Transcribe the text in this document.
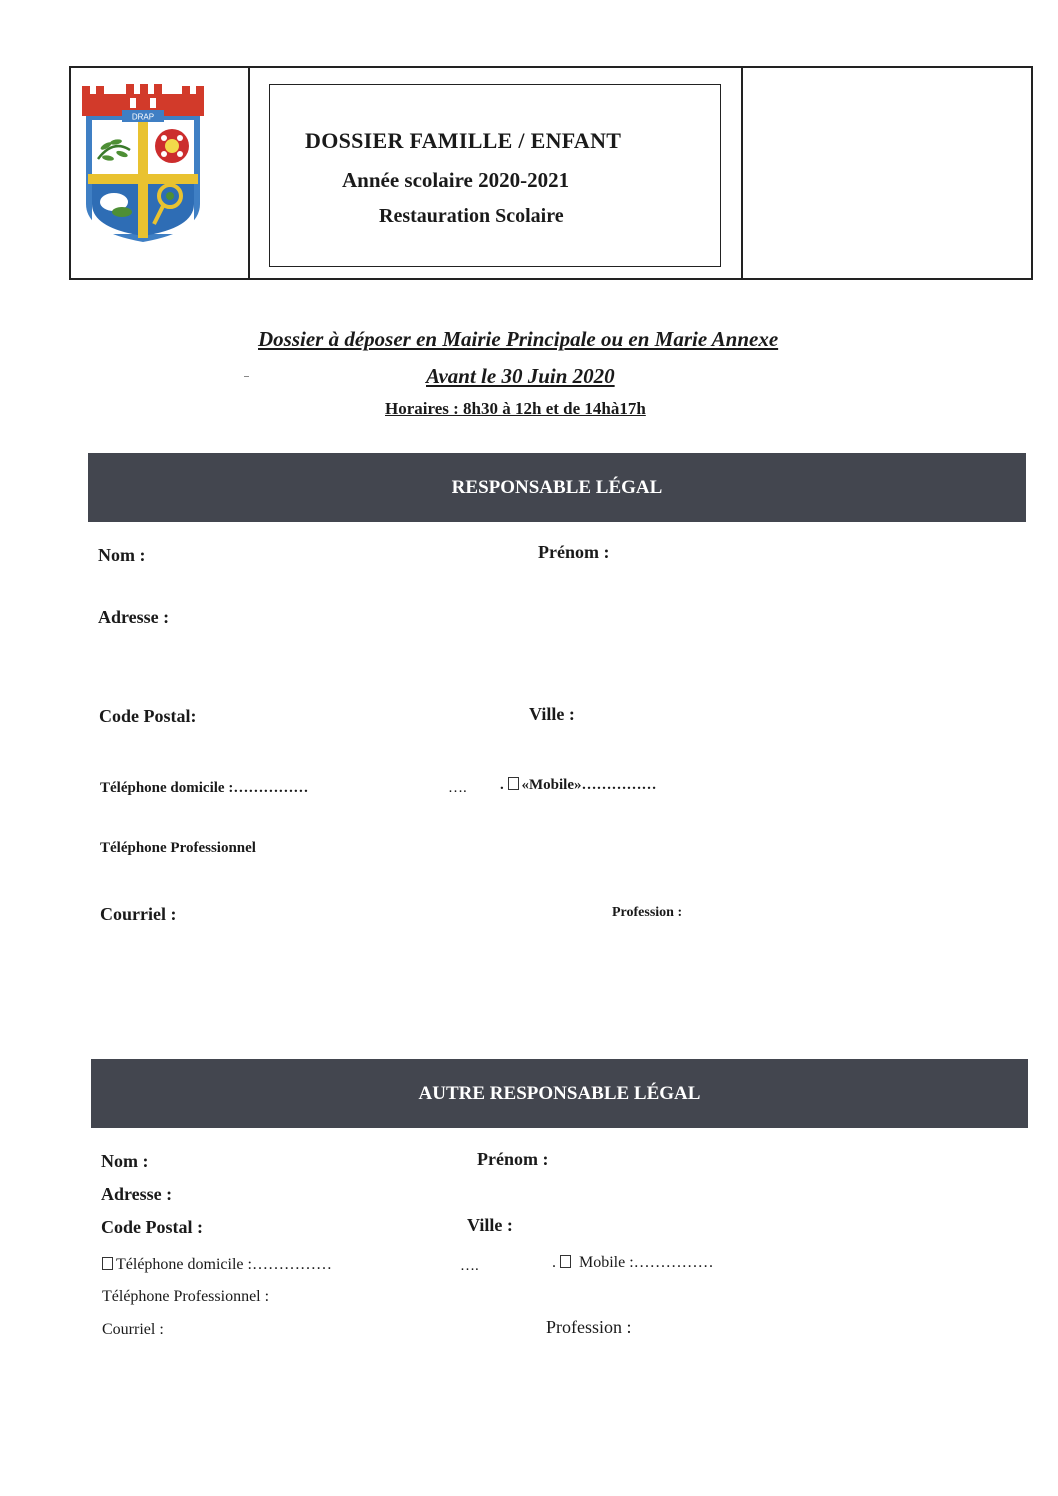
DRAP
DOSSIER FAMILLE / ENFANT
Année scolaire 2020-2021
Restauration Scolaire
Dossier à déposer en Mairie Principale ou en Marie Annexe
Avant le 30 Juin 2020
Horaires : 8h30 à 12h et de 14hà17h
RESPONSABLE LÉGAL
Nom :	Prénom :
Adresse :
Code Postal:	Ville :
Téléphone domicile :……………	…. . «Mobile»……………
Téléphone Professionnel
Courriel :	Profession :
AUTRE RESPONSABLE LÉGAL
Nom :	Prénom :
Adresse :
Code Postal :	Ville :
Téléphone domicile :……………	….	. Mobile :……………
Téléphone Professionnel :
Courriel :	Profession :
